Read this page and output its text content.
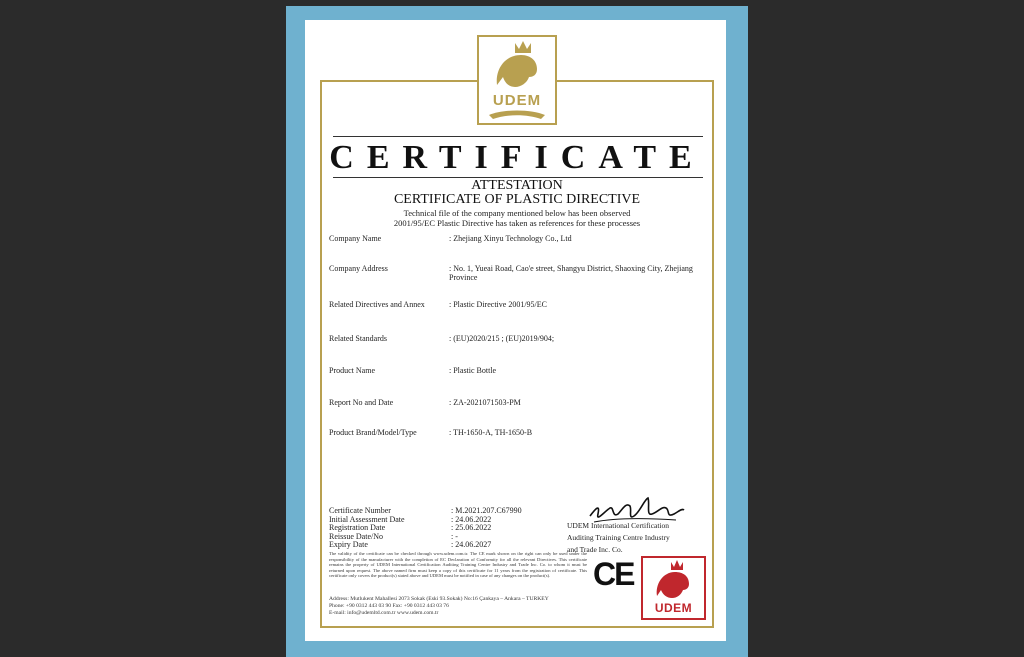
UDEM
CERTIFICATE
ATTESTATION
CERTIFICATE OF PLASTIC DIRECTIVE
Technical file of the company mentioned below has been observed
2001/95/EC Plastic Directive has taken as references for these processes
Company Name	: Zhejiang Xinyu Technology Co., Ltd
Company Address	: No. 1, Yueai Road, Cao'e street, Shangyu District, Shaoxing City, Zhejiang Province
Related Directives and Annex	: Plastic Directive 2001/95/EC
Related Standards	: (EU)2020/215 ; (EU)2019/904;
Product Name	: Plastic Bottle
Report No and Date	: ZA-2021071503-PM
Product Brand/Model/Type	: TH-1650-A, TH-1650-B
Certificate Number	: M.2021.207.C67990
Initial Assessment Date	: 24.06.2022
Registration Date	: 25.06.2022
Reissue Date/No	: -
Expiry Date	: 24.06.2027
The validity of the certificate can be checked through www.udem.com.tr. The CE mark shown on the right can only be used under the responsibility of the manufacturer with the completion of EC Declaration of Conformity for all the relevant Directives. This certificate remains the property of UDEM International Certification Auditing Training Centre Industry and Trade Inc. Co. to whom it must be returned upon request. The above named firm must keep a copy of this certificate for 11 years from the registration of certificate. This certificate only covers the product(s) stated above and UDEM must be notified in case of any changes on the product(s).
Address: Mutlukent Mahallesi 2073 Sokak (Eski 93.Sokak) No:16 Çankaya – Ankara – TURKEY
Phone: +90 0312 443 03 90 Fax: +90 0312 443 03 76
E-mail: info@udemltd.com.tr www.udem.com.tr
UDEM International Certification
Auditing Training Centre Industry
and Trade Inc. Co.
CE
UDEM
